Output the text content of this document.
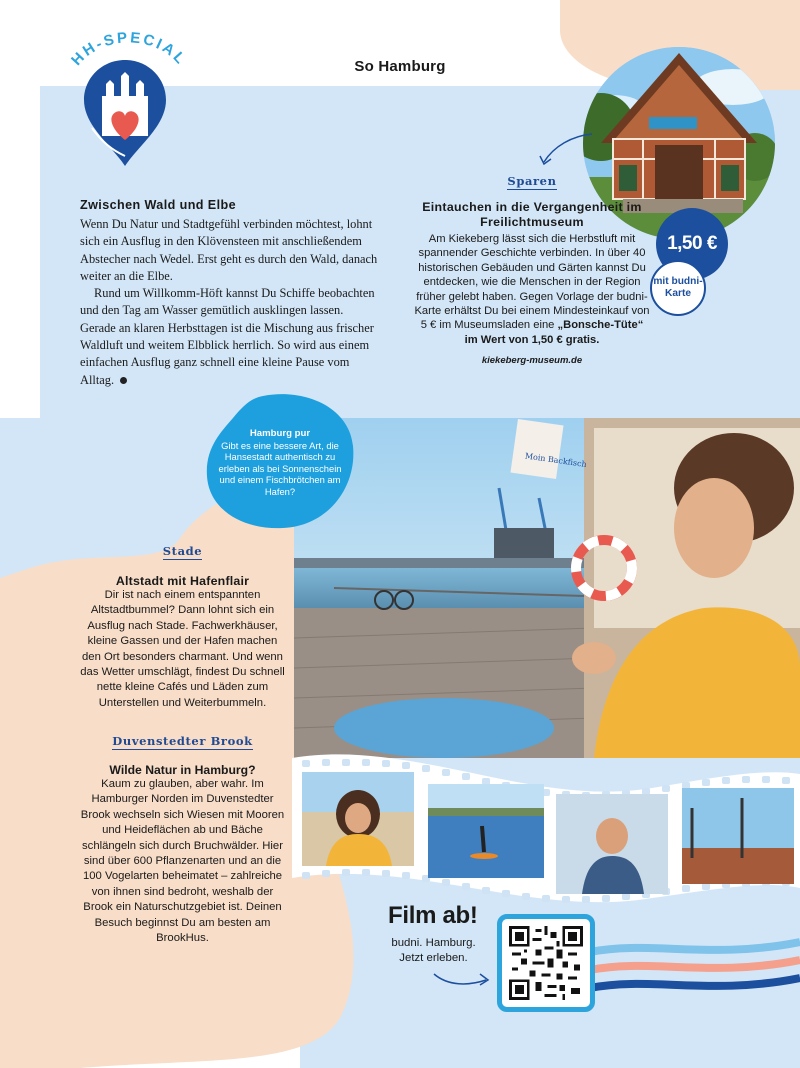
So Hamburg
HH-SPECIAL
Zwischen Wald und Elbe

Wenn Du Natur und Stadtgefühl verbinden möchtest, lohnt sich ein Ausflug in den Klövensteen mit anschließendem Abstecher nach Wedel. Erst geht es durch den Wald, danach weiter an die Elbe.

Rund um Willkomm-Höft kannst Du Schiffe beobachten und den Tag am Wasser gemütlich ausklingen lassen. Gerade an klaren Herbsttagen ist die Mischung aus frischer Waldluft und weitem Elbblick herrlich. So wird aus einem einfachen Ausflug ganz schnell eine kleine Pause vom Alltag.

1,50 €
mit budni-Karte
Sparen
Eintauchen in die Vergangenheit im Freilichtmuseum

Am Kiekeberg lässt sich die Herbstluft mit spannender Geschichte verbinden. In über 40 historischen Gebäuden und Gärten kannst Du entdecken, wie die Menschen in der Region früher gelebt haben. Gegen Vorlage der budni-Karte erhältst Du bei einem Mindesteinkauf von 5 € im Museumsladen eine „Bonsche-Tüte“ im Wert von 1,50 € gratis.

kiekeberg-museum.de
Moin Backfisch
Hamburg pur
Gibt es eine bessere Art, die Hansestadt authentisch zu erleben als bei Sonnenschein und einem Fischbrötchen am Hafen?
Stade
Altstadt mit Hafenflair

Dir ist nach einem entspannten Altstadtbummel? Dann lohnt sich ein Ausflug nach Stade. Fachwerkhäuser, kleine Gassen und der Hafen machen den Ort besonders charmant. Und wenn das Wetter umschlägt, findest Du schnell nette kleine Cafés und Läden zum Unterstellen und Weiterbummeln.

Duvenstedter Brook
Wilde Natur in Hamburg?

Kaum zu glauben, aber wahr. Im Hamburger Norden im Duvenstedter Brook wechseln sich Wiesen mit Mooren und Heideflächen ab und Bäche schlängeln sich durch Bruchwälder. Hier sind über 600 Pflanzenarten und an die 100 Vogelarten beheimatet – zahlreiche von ihnen sind bedroht, weshalb der Brook ein Naturschutzgebiet ist. Deinen Besuch beginnst Du am besten am BrookHus.

Film ab!
budni. Hamburg. Jetzt erleben.
